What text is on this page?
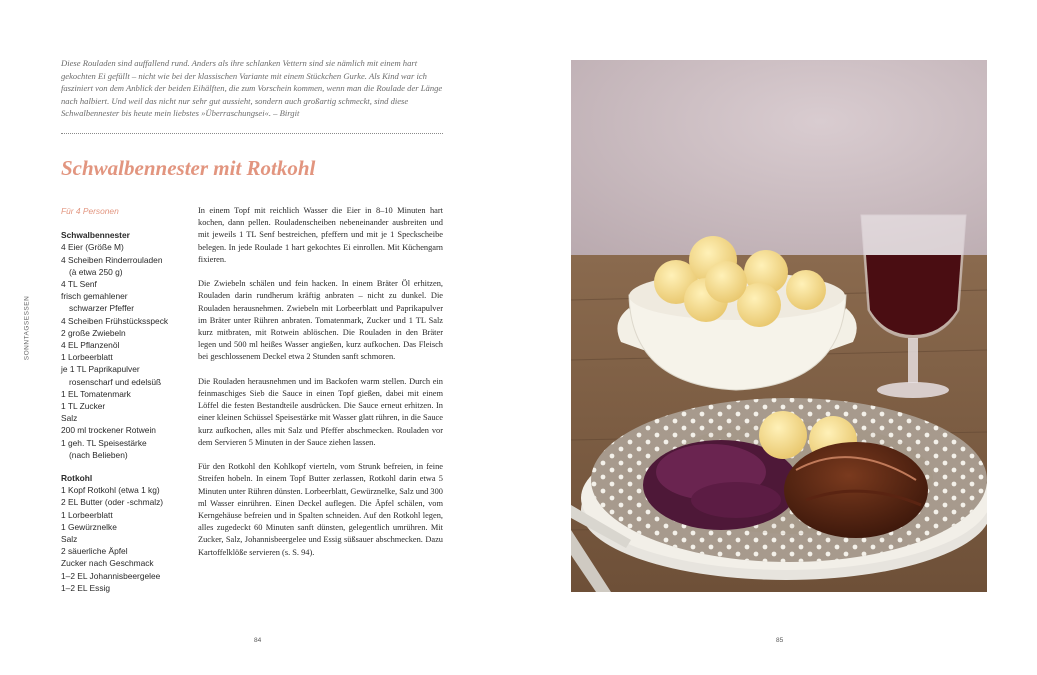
Diese Rouladen sind auffallend rund. Anders als ihre schlanken Vettern sind sie nämlich mit einem hart gekochten Ei gefüllt – nicht wie bei der klassischen Variante mit einem Stückchen Gurke. Als Kind war ich fasziniert von dem Anblick der beiden Eihälften, die zum Vorschein kommen, wenn man die Roulade der Länge nach halbiert. Und weil das nicht nur sehr gut aussieht, sondern auch großartig schmeckt, sind diese Schwalbennester bis heute mein liebstes »Überraschungsei«. – Birgit

Schwalbennester mit Rotkohl
SONNTAGSESSEN
Für 4 Personen
Schwalbennester
4 Eier (Größe M)
4 Scheiben Rinderrouladen
(à etwa 250 g)
4 TL Senf
frisch gemahlener
schwarzer Pfeffer
4 Scheiben Frühstücksspeck
2 große Zwiebeln
4 EL Pflanzenöl
1 Lorbeerblatt
je 1 TL Paprikapulver
rosenscharf und edelsüß
1 EL Tomatenmark
1 TL Zucker
Salz
200 ml trockener Rotwein
1 geh. TL Speisestärke
(nach Belieben)
Rotkohl
1 Kopf Rotkohl (etwa 1 kg)
2 EL Butter (oder -schmalz)
1 Lorbeerblatt
1 Gewürznelke
Salz
2 säuerliche Äpfel
Zucker nach Geschmack
1–2 EL Johannisbeergelee
1–2 EL Essig

In einem Topf mit reichlich Wasser die Eier in 8–10 Minuten hart kochen, dann pellen. Rouladenscheiben nebeneinander ausbreiten und mit jeweils 1 TL Senf bestreichen, pfeffern und mit je 1 Speckscheibe belegen. In jede Roulade 1 hart gekochtes Ei einrollen. Mit Küchengarn fixieren.

Die Zwiebeln schälen und fein hacken. In einem Bräter Öl erhitzen, Rouladen darin rundherum kräftig anbraten – nicht zu dunkel. Die Rouladen herausnehmen. Zwiebeln mit Lorbeerblatt und Paprikapulver im Bräter unter Rühren anbraten. Tomatenmark, Zucker und 1 TL Salz kurz mitbraten, mit Rotwein ablöschen. Die Rouladen in den Bräter legen und 500 ml heißes Wasser angießen, kurz aufkochen. Das Fleisch bei geschlossenem Deckel etwa 2 Stunden sanft schmoren.

Die Rouladen herausnehmen und im Backofen warm stellen. Durch ein feinmaschiges Sieb die Sauce in einen Topf gießen, dabei mit einem Löffel die festen Bestandteile ausdrücken. Die Sauce erneut erhitzen. In einer kleinen Schüssel Speisestärke mit Wasser glatt rühren, in die Sauce kurz aufkochen, alles mit Salz und Pfeffer abschmecken. Rouladen vor dem Servieren 5 Minuten in der Sauce ziehen lassen.

Für den Rotkohl den Kohlkopf vierteln, vom Strunk befreien, in feine Streifen hobeln. In einem Topf Butter zerlassen, Rotkohl darin etwa 5 Minuten unter Rühren dünsten. Lorbeerblatt, Gewürznelke, Salz und 300 ml Wasser einrühren. Einen Deckel auflegen. Die Äpfel schälen, vom Kerngehäuse befreien und in Spalten schneiden. Auf den Rotkohl legen, alles zugedeckt 60 Minuten sanft dünsten, gelegentlich umrühren. Mit Zucker, Salz, Johannisbeergelee und Essig süßsauer abschmecken. Dazu Kartoffelklöße servieren (s. S. 94).

84	85
